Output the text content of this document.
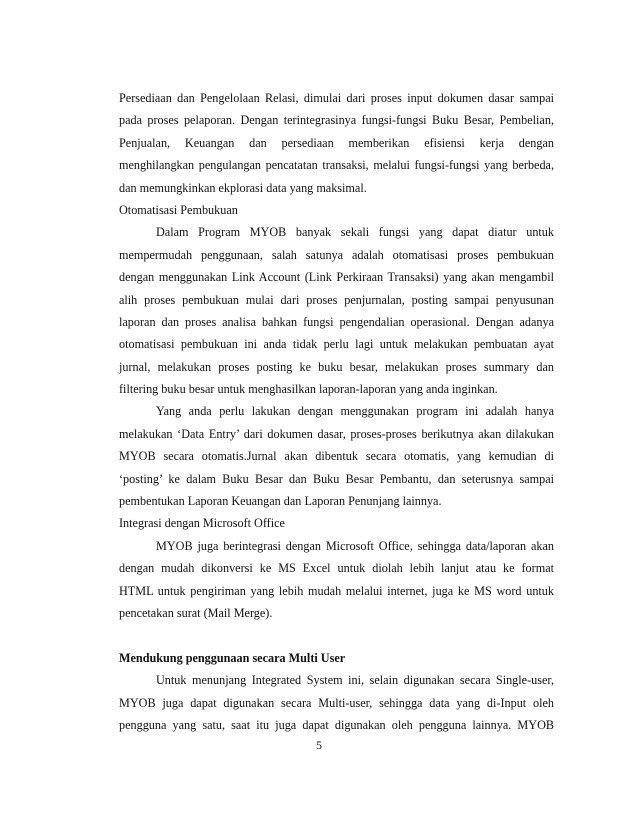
Persediaan dan Pengelolaan Relasi, dimulai dari proses input dokumen dasar sampai
pada proses pelaporan. Dengan terintegrasinya fungsi-fungsi Buku Besar, Pembelian,
Penjualan, Keuangan dan persediaan memberikan efisiensi kerja dengan
menghilangkan pengulangan pencatatan transaksi, melalui fungsi-fungsi yang berbeda,
dan memungkinkan ekplorasi data yang maksimal.
Otomatisasi Pembukuan
Dalam Program MYOB banyak sekali fungsi yang dapat diatur untuk
mempermudah penggunaan, salah satunya adalah otomatisasi proses pembukuan
dengan menggunakan Link Account (Link Perkiraan Transaksi) yang akan mengambil
alih proses pembukuan mulai dari proses penjurnalan, posting sampai penyusunan
laporan dan proses analisa bahkan fungsi pengendalian operasional. Dengan adanya
otomatisasi pembukuan ini anda tidak perlu lagi untuk melakukan pembuatan ayat
jurnal, melakukan proses posting ke buku besar, melakukan proses summary dan
filtering buku besar untuk menghasilkan laporan-laporan yang anda inginkan.
Yang anda perlu lakukan dengan menggunakan program ini adalah hanya
melakukan ‘Data Entry’ dari dokumen dasar, proses-proses berikutnya akan dilakukan
MYOB secara otomatis.Jurnal akan dibentuk secara otomatis, yang kemudian di
‘posting’ ke dalam Buku Besar dan Buku Besar Pembantu, dan seterusnya sampai
pembentukan Laporan Keuangan dan Laporan Penunjang lainnya.
Integrasi dengan Microsoft Office
MYOB juga berintegrasi dengan Microsoft Office, sehingga data/laporan akan
dengan mudah dikonversi ke MS Excel untuk diolah lebih lanjut atau ke format
HTML untuk pengiriman yang lebih mudah melalui internet, juga ke MS word untuk
pencetakan surat (Mail Merge).
Mendukung penggunaan secara Multi User
Untuk menunjang Integrated System ini, selain digunakan secara Single-user,
MYOB juga dapat digunakan secara Multi-user, sehingga data yang di-Input oleh
pengguna yang satu, saat itu juga dapat digunakan oleh pengguna lainnya. MYOB
5
